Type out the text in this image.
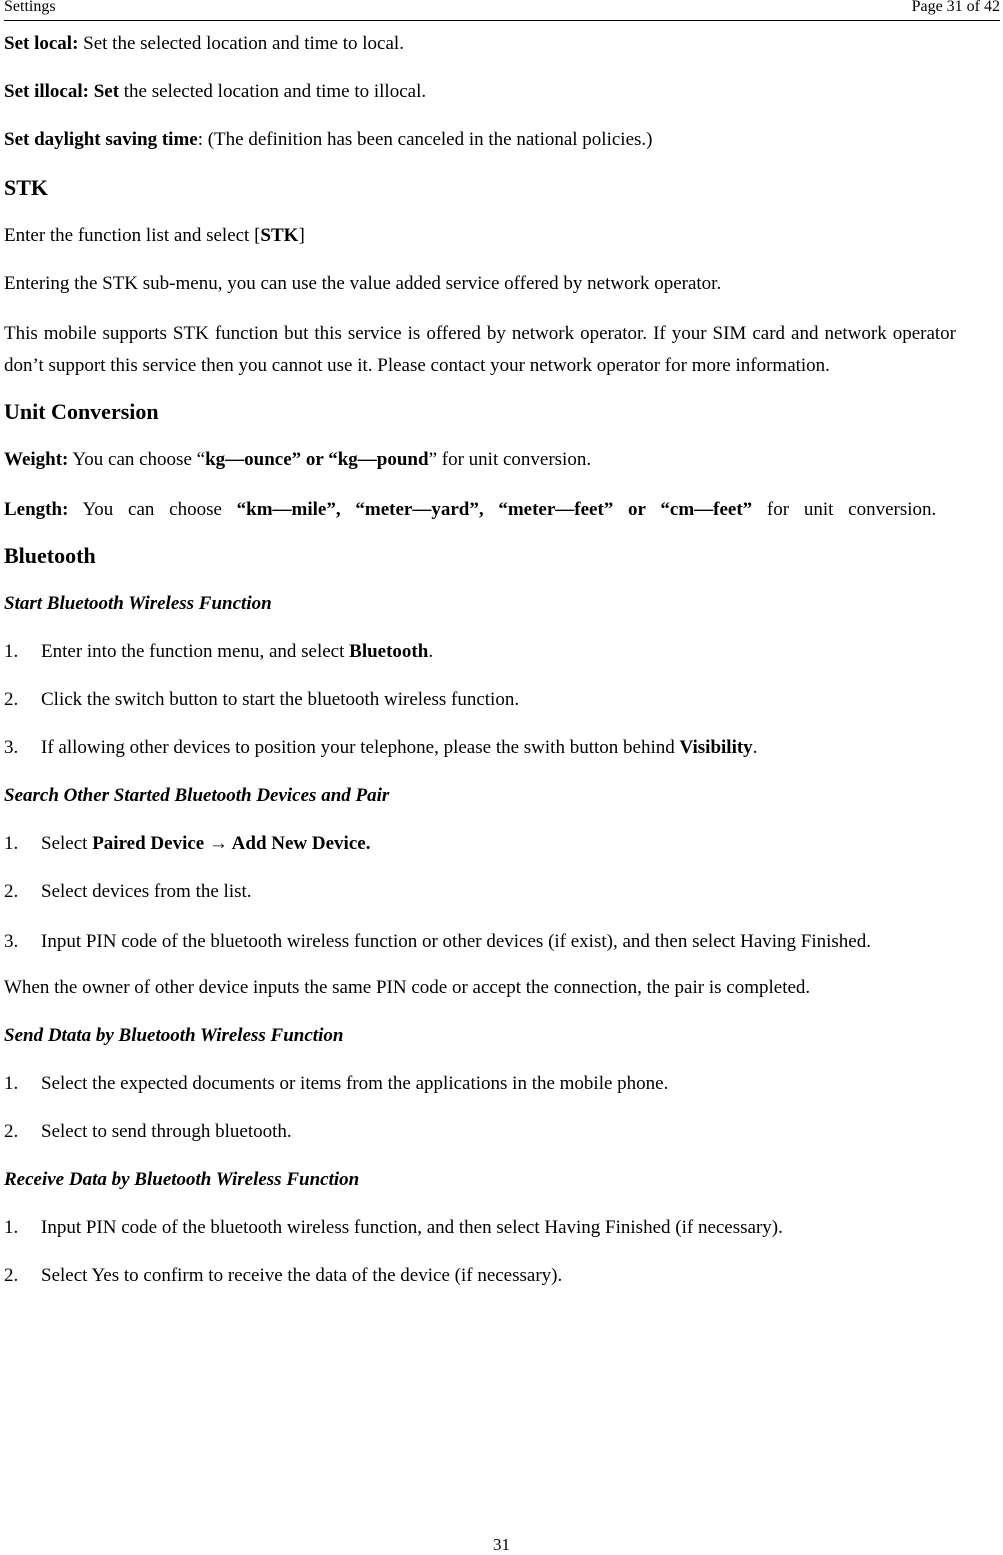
Settings	Page 31 of 42

Set local: Set the selected location and time to local.

Set illocal: Set the selected location and time to illocal.

Set daylight saving time: (The definition has been canceled in the national policies.)

STK

Enter the function list and select [STK]

Entering the STK sub-menu, you can use the value added service offered by network operator.

This mobile supports STK function but this service is offered by network operator. If your SIM card and network operator don’t support this service then you cannot use it. Please contact your network operator for more information.

Unit Conversion

Weight: You can choose “kg—ounce” or “kg—pound” for unit conversion.

Length: You can choose “km—mile”, “meter—yard”, “meter—feet” or “cm—feet” for unit conversion.

Bluetooth
Start Bluetooth Wireless Function
1.	Enter into the function menu, and select Bluetooth.
2.	Click the switch button to start the bluetooth wireless function.
3.	If allowing other devices to position your telephone, please the swith button behind Visibility.
Search Other Started Bluetooth Devices and Pair
1.	Select Paired Device → Add New Device.
2.	Select devices from the list.

3. Input PIN code of the bluetooth wireless function or other devices (if exist), and then select Having Finished.

When the owner of other device inputs the same PIN code or accept the connection, the pair is completed.

Send Dtata by Bluetooth Wireless Function
1.	Select the expected documents or items from the applications in the mobile phone.
2.	Select to send through bluetooth.
Receive Data by Bluetooth Wireless Function
1.	Input PIN code of the bluetooth wireless function, and then select Having Finished (if necessary).
2.	Select Yes to confirm to receive the data of the device (if necessary).
31
